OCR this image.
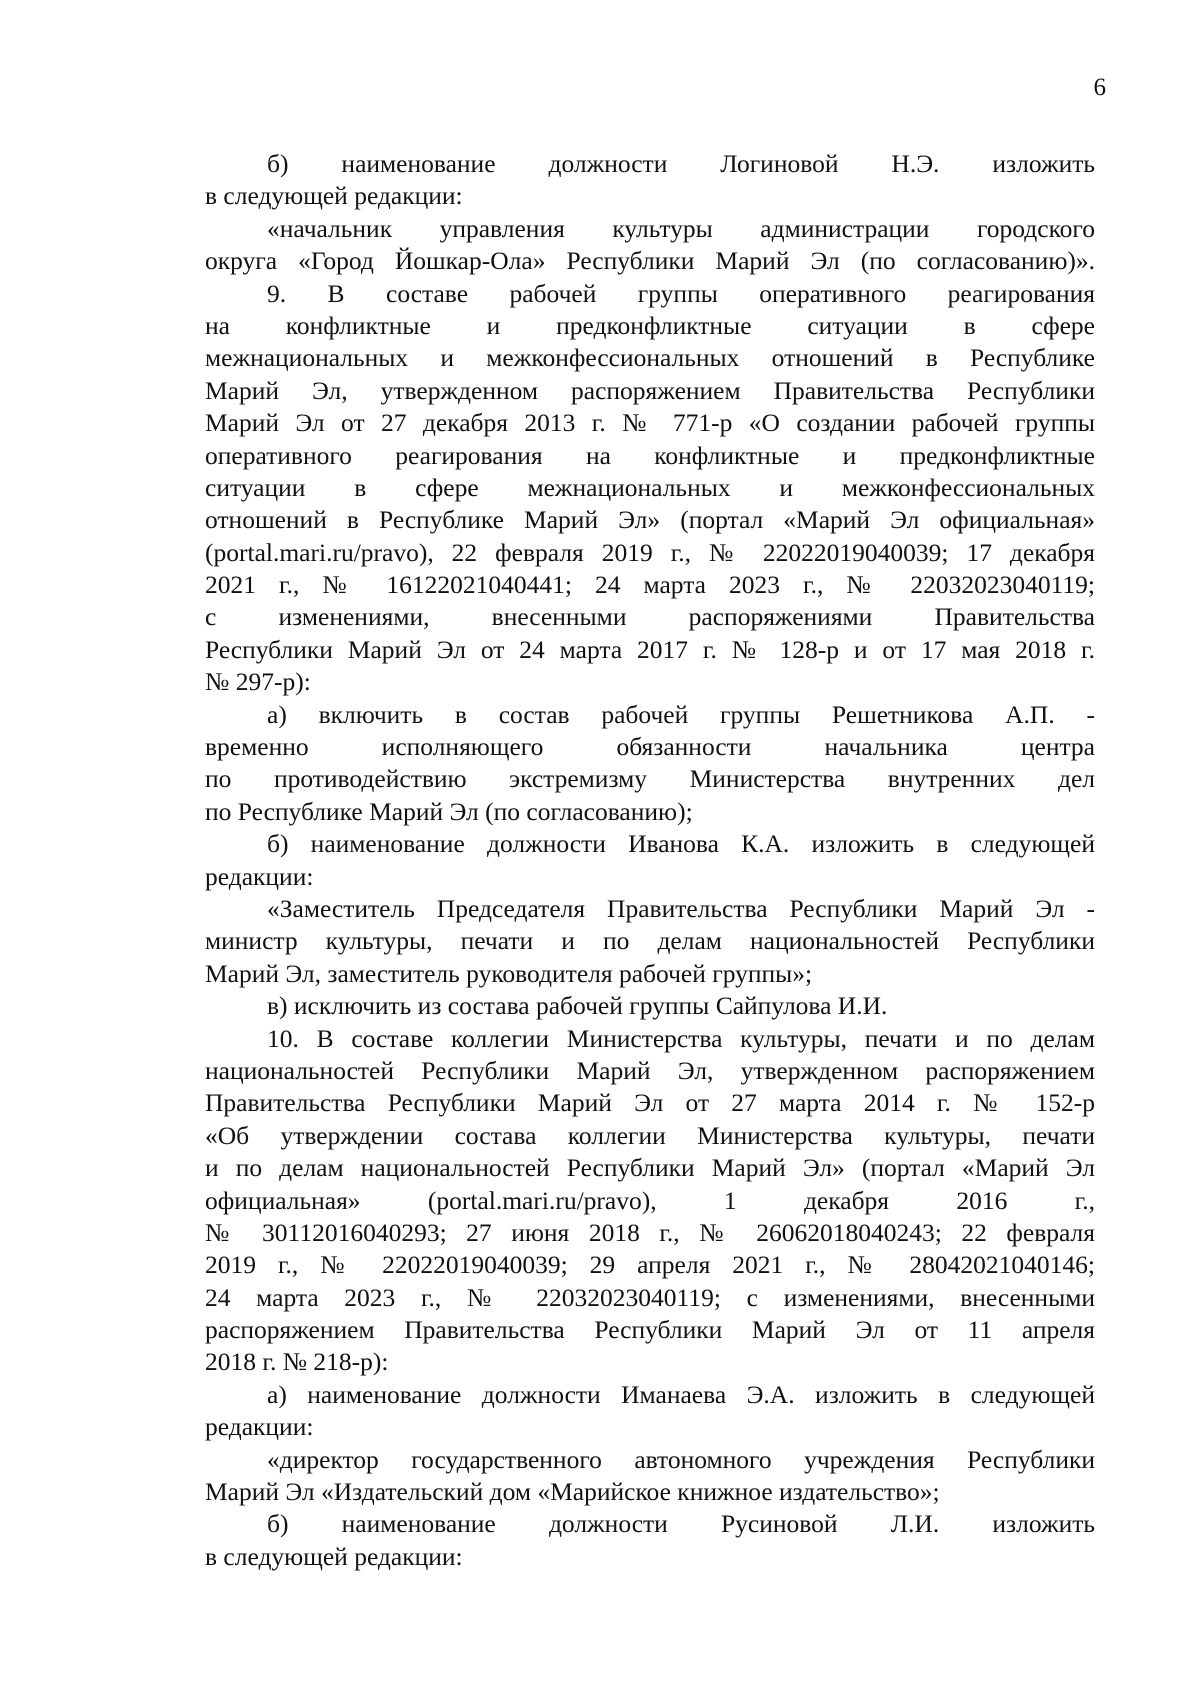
6
б) наименование должности Логиновой Н.Э. изложить
в следующей редакции:
«начальник управления культуры администрации городского
округа «Город Йошкар-Ола» Республики Марий Эл (по согласованию)».
9. В составе рабочей группы оперативного реагирования
на конфликтные и предконфликтные ситуации в сфере
межнациональных и межконфессиональных отношений в Республике
Марий Эл, утвержденном распоряжением Правительства Республики
Марий Эл от 27 декабря 2013 г. № 771-р «О создании рабочей группы
оперативного реагирования на конфликтные и предконфликтные
ситуации в сфере межнациональных и межконфессиональных
отношений в Республике Марий Эл» (портал «Марий Эл официальная»
(portal.mari.ru/pravo), 22 февраля 2019 г., № 22022019040039; 17 декабря
2021 г., № 16122021040441; 24 марта 2023 г., № 22032023040119;
с изменениями, внесенными распоряжениями Правительства
Республики Марий Эл от 24 марта 2017 г. № 128-р и от 17 мая 2018 г.
№ 297-р):
а) включить в состав рабочей группы Решетникова А.П. -
временно исполняющего обязанности начальника центра
по противодействию экстремизму Министерства внутренних дел
по Республике Марий Эл (по согласованию);
б) наименование должности Иванова К.А. изложить в следующей
редакции:
«Заместитель Председателя Правительства Республики Марий Эл -
министр культуры, печати и по делам национальностей Республики
Марий Эл, заместитель руководителя рабочей группы»;
в) исключить из состава рабочей группы Сайпулова И.И.
10. В составе коллегии Министерства культуры, печати и по делам
национальностей Республики Марий Эл, утвержденном распоряжением
Правительства Республики Марий Эл от 27 марта 2014 г. № 152-р
«Об утверждении состава коллегии Министерства культуры, печати
и по делам национальностей Республики Марий Эл» (портал «Марий Эл
официальная» (portal.mari.ru/pravo), 1 декабря 2016 г.,
№ 30112016040293; 27 июня 2018 г., № 26062018040243; 22 февраля
2019 г., № 22022019040039; 29 апреля 2021 г., № 28042021040146;
24 марта 2023 г., № 22032023040119; с изменениями, внесенными
распоряжением Правительства Республики Марий Эл от 11 апреля
2018 г. № 218-р):
а) наименование должности Иманаева Э.А. изложить в следующей
редакции:
«директор государственного автономного учреждения Республики
Марий Эл «Издательский дом «Марийское книжное издательство»;
б) наименование должности Русиновой Л.И. изложить
в следующей редакции:
